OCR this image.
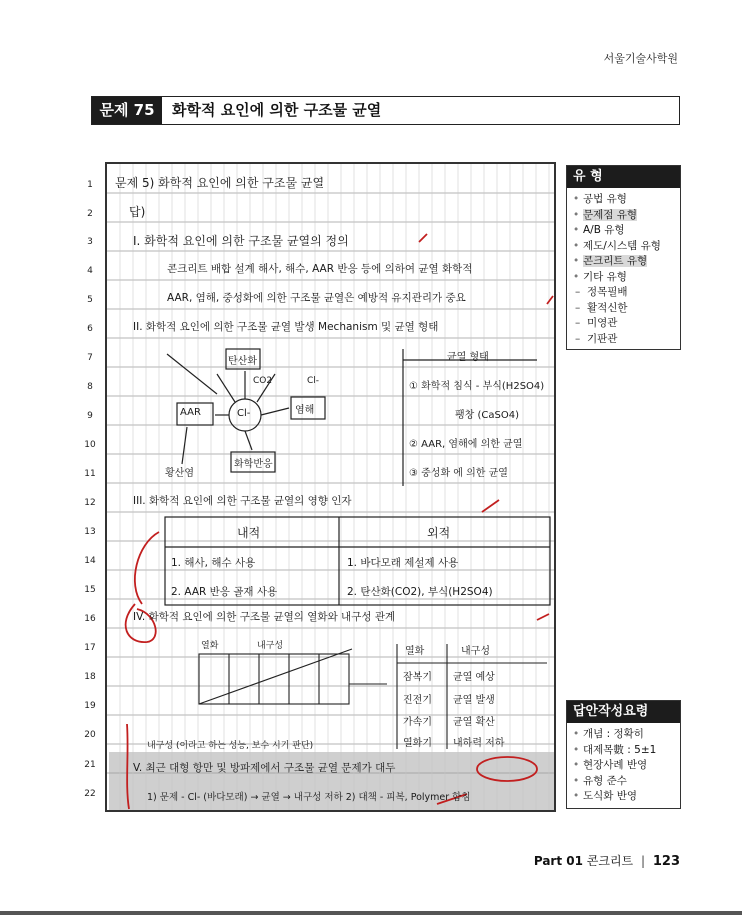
서울기술사학원
문제 75	화학적 요인에 의한 구조물 균열
1
2
3
4
5
6
7
8
9
10
11
12
13
14
15
16
17
18
19
20
21
22
문제 5) 화학적 요인에 의한 구조물 균열
답)
I. 화학적 요인에 의한 구조물 균열의 정의
콘크리트 배합 설계 해사, 해수, AAR 반응 등에 의하여 균열 화학적
AAR, 염해, 중성화에 의한 구조물 균열은 예방적 유지관리가 중요
II. 화학적 요인에 의한 구조물 균열 발생 Mechanism 및 균열 형태
탄산화
AAR	Cl-	염해
황산염
화학반응
CO2	Cl-
균열 형태
① 화학적 침식 - 부식(H2SO4)
팽창 (CaSO4)
② AAR, 염해에 의한 균열
③ 중성화 에 의한 균열
III. 화학적 요인에 의한 구조물 균열의 영향 인자
내적	외적
1. 해사, 해수 사용	1. 바다모래 제설제 사용
2. AAR 반응 골재 사용	2. 탄산화(CO2), 부식(H2SO4)
IV. 화학적 요인에 의한 구조물 균열의 열화와 내구성 관계
열화	내구성	열화	내구성
잠복기 균열 예상
진전기 균열 발생
가속기 균열 확산
열화기 내하력 저하
내구성 (이라고 하는 성능, 보수 시기 판단)
V. 최근 대형 항만 및 방파제에서 구조물 균열 문제가 대두
1) 문제 - Cl- (바다모래) → 균열 → 내구성 저하 2) 대책 - 피복, Polymer 함침
유 형
• 공법 유형
• 문제점 유형
• A/B 유형
• 제도/시스템 유형
• 콘크리트 유형
• 기타 유형
– 정목필배
– 활적신한
– 미영관
– 기판관
답안작성요령
• 개념 : 정확히
• 대제목數 : 5±1
• 현장사례 반영
• 유형 준수
• 도식화 반영
Part 01 콘크리트 | 123
